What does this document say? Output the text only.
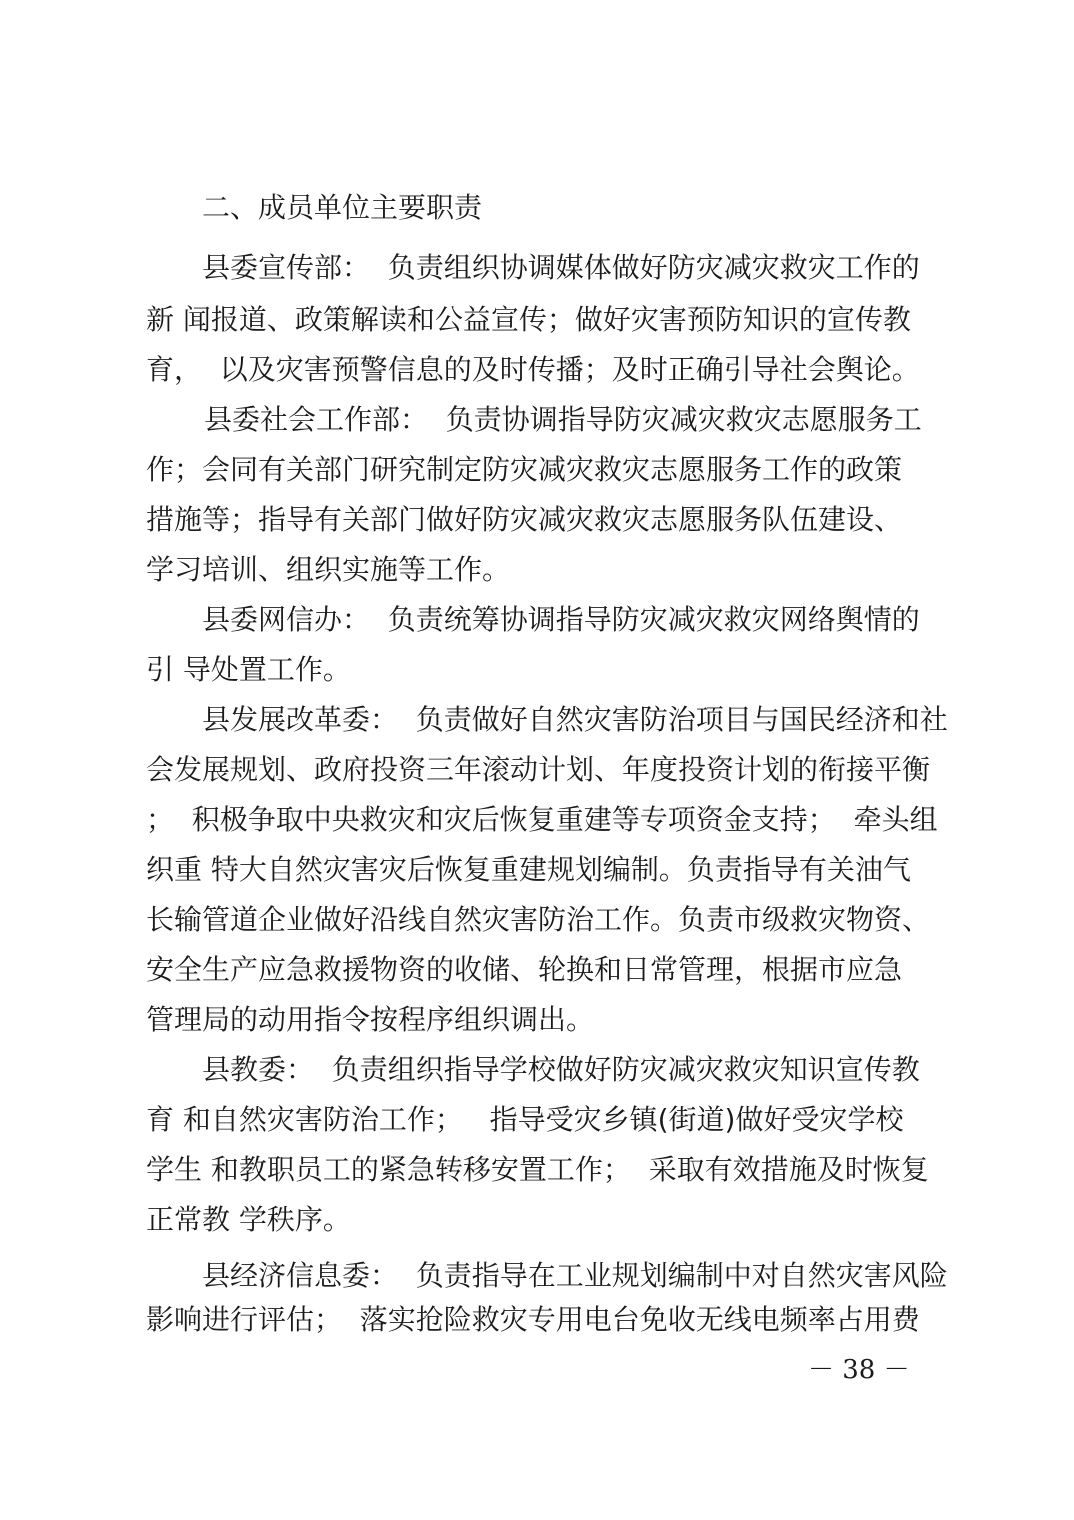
二、成员单位主要职责
县委宣传部：  负责组织协调媒体做好防灾减灾救灾工作的
新 闻报道、政策解读和公益宣传；做好灾害预防知识的宣传教
育，  以及灾害预警信息的及时传播；及时正确引导社会舆论。
县委社会工作部：  负责协调指导防灾减灾救灾志愿服务工
作；会同有关部门研究制定防灾减灾救灾志愿服务工作的政策
措施等；指导有关部门做好防灾减灾救灾志愿服务队伍建设、
学习培训、组织实施等工作。
县委网信办：  负责统筹协调指导防灾减灾救灾网络舆情的
引 导处置工作。
县发展改革委：  负责做好自然灾害防治项目与国民经济和社
会发展规划、政府投资三年滚动计划、年度投资计划的衔接平衡
；  积极争取中央救灾和灾后恢复重建等专项资金支持；  牵头组
织重 特大自然灾害灾后恢复重建规划编制。负责指导有关油气
长输管道企业做好沿线自然灾害防治工作。负责市级救灾物资、
安全生产应急救援物资的收储、轮换和日常管理，根据市应急
管理局的动用指令按程序组织调出。
县教委：  负责组织指导学校做好防灾减灾救灾知识宣传教
育 和自然灾害防治工作；   指导受灾乡镇(街道)做好受灾学校
学生 和教职员工的紧急转移安置工作；  采取有效措施及时恢复
正常教 学秩序。
县经济信息委：  负责指导在工业规划编制中对自然灾害风险
影响进行评估；  落实抢险救灾专用电台免收无线电频率占用费
－ 38 －
